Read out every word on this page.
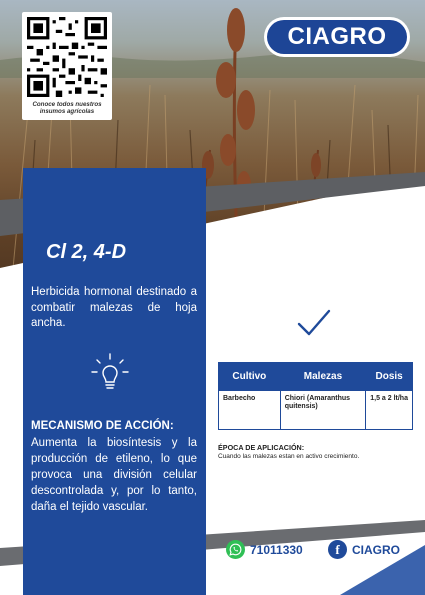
Conoce todos nuestros insumos agrícolas
CIAGRO
Cl 2, 4-D
Herbicida hormonal destinado a combatir malezas de hoja ancha.
MECANISMO DE ACCIÓN:
Aumenta la biosíntesis y la producción de etileno, lo que provoca una división celular descontrolada y, por lo tanto, daña el tejido vascular.
Cultivo	Malezas	Dosis
Barbecho	Chiori (Amaranthus quitensis)	1,5 a 2 lt/ha
ÉPOCA DE APLICACIÓN:
Cuando las malezas estan en activo crecimiento.
71011330	f	CIAGRO
